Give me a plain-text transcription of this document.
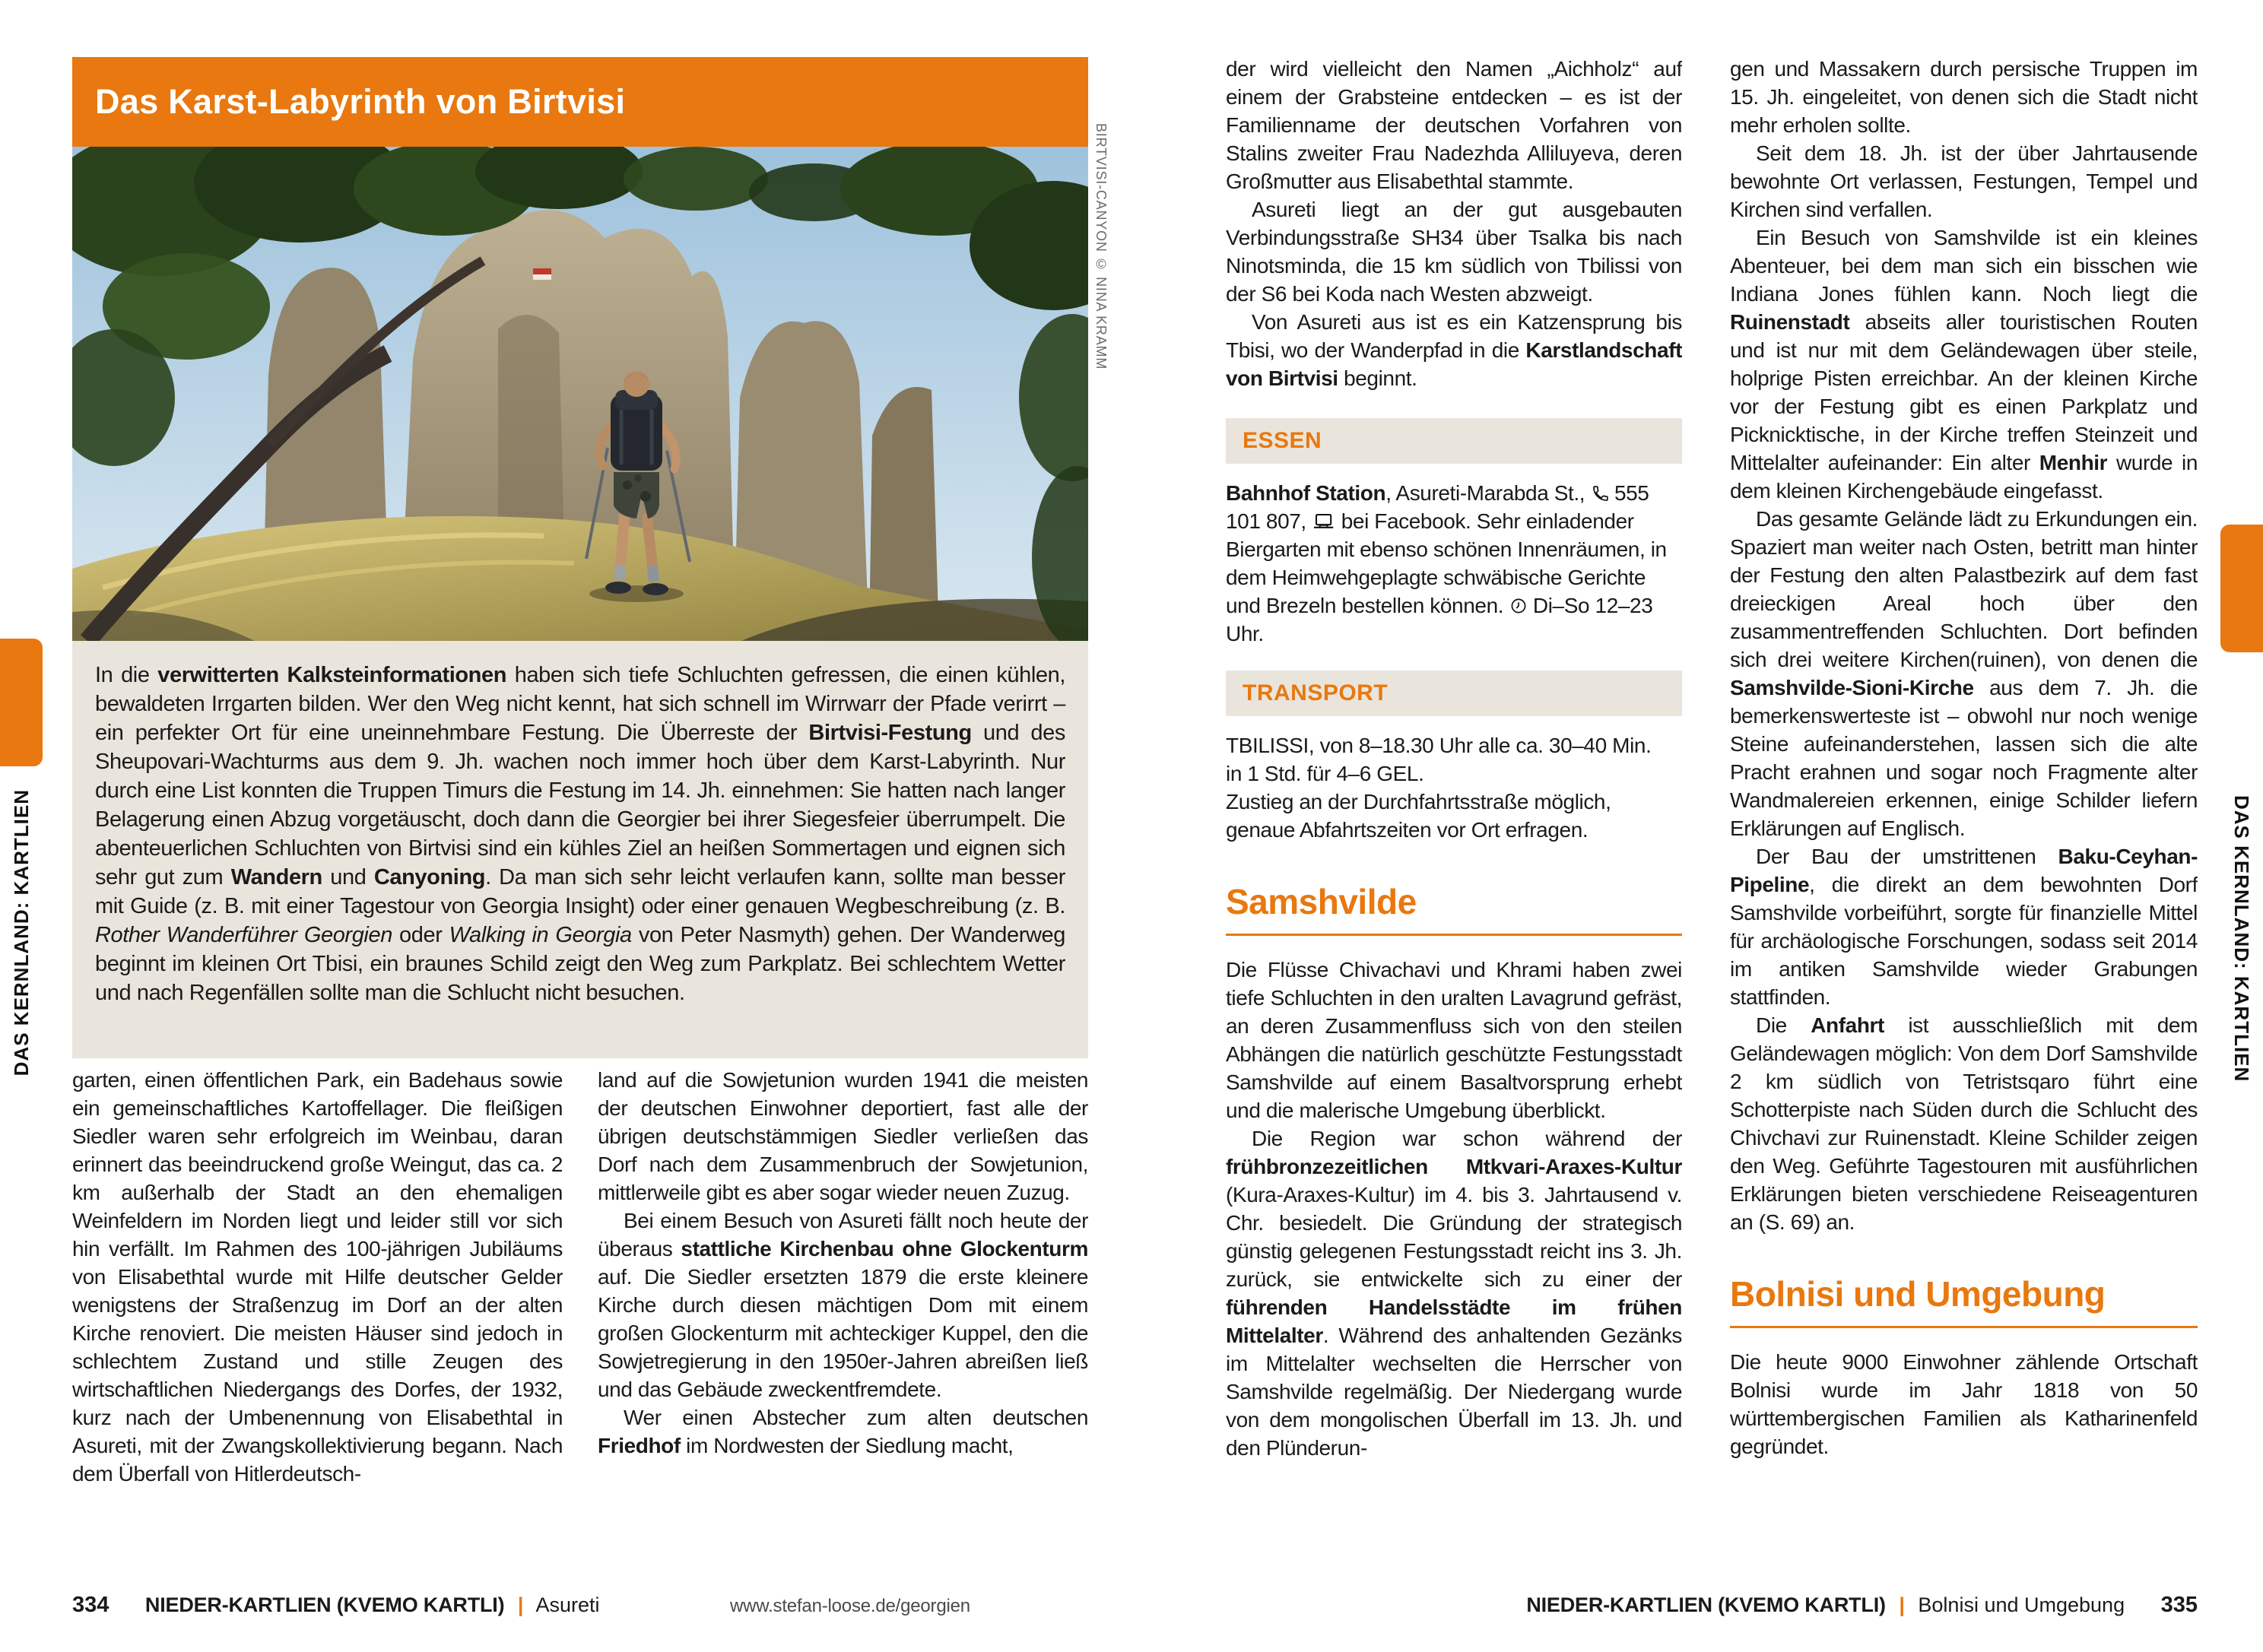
DAS KERNLAND: KARTLIEN	DAS KERNLAND: KARTLIEN
Das Karst-Labyrinth von Birtvisi
BIRTVISI-CANYON © NINA KRAMM
In die verwitterten Kalksteinformationen haben sich tiefe Schluchten gefressen, die einen kühlen, bewaldeten Irrgarten bilden. Wer den Weg nicht kennt, hat sich schnell im Wirrwarr der Pfade verirrt – ein perfekter Ort für eine uneinnehmbare Festung. Die Überreste der Birtvisi-Festung und des Sheupovari-Wachturms aus dem 9. Jh. wachen noch immer hoch über dem Karst-Labyrinth. Nur durch eine List konnten die Truppen Timurs die Festung im 14. Jh. einnehmen: Sie hatten nach langer Belagerung einen Abzug vorgetäuscht, doch dann die Georgier bei ihrer Siegesfeier überrumpelt. Die abenteuerlichen Schluchten von Birtvisi sind ein kühles Ziel an heißen Sommertagen und eignen sich sehr gut zum Wandern und Canyoning. Da man sich sehr leicht verlaufen kann, sollte man besser mit Guide (z. B. mit einer Tagestour von Georgia Insight) oder einer genauen Wegbeschreibung (z. B. Rother Wanderführer Georgien oder Walking in Georgia von Peter Nasmyth) gehen. Der Wanderweg beginnt im kleinen Ort Tbisi, ein braunes Schild zeigt den Weg zum Parkplatz. Bei schlechtem Wetter und nach Regenfällen sollte man die Schlucht nicht besuchen.

garten, einen öffentlichen Park, ein Badehaus sowie ein gemeinschaftliches Kartoffellager. Die fleißigen Siedler waren sehr erfolgreich im Weinbau, daran erinnert das beeindruckend große Weingut, das ca. 2 km außerhalb der Stadt an den ehemaligen Weinfeldern im Norden liegt und leider still vor sich hin verfällt. Im Rahmen des 100-jährigen Jubiläums von Elisabethtal wurde mit Hilfe deutscher Gelder wenigstens der Straßenzug im Dorf an der alten Kirche renoviert. Die meisten Häuser sind jedoch in schlechtem Zustand und stille Zeugen des wirtschaftlichen Niedergangs des Dorfes, der 1932, kurz nach der Umbenennung von Elisabethtal in Asureti, mit der Zwangskollektivierung begann. Nach dem Überfall von Hitlerdeutsch-

land auf die Sowjetunion wurden 1941 die meisten der deutschen Einwohner deportiert, fast alle der übrigen deutschstämmigen Siedler verließen das Dorf nach dem Zusammenbruch der Sowjetunion, mittlerweile gibt es aber sogar wieder neuen Zuzug.

Bei einem Besuch von Asureti fällt noch heute der überaus stattliche Kirchenbau ohne Glockenturm auf. Die Siedler ersetzten 1879 die erste kleinere Kirche durch diesen mächtigen Dom mit einem großen Glockenturm mit achteckiger Kuppel, den die Sowjetregierung in den 1950er-Jahren abreißen ließ und das Gebäude zweckentfremdete.

Wer einen Abstecher zum alten deutschen Friedhof im Nordwesten der Siedlung macht,

der wird vielleicht den Namen „Aichholz“ auf einem der Grabsteine entdecken – es ist der Familienname der deutschen Vorfahren von Stalins zweiter Frau Nadezhda Alliluyeva, deren Großmutter aus Elisabethtal stammte.

Asureti liegt an der gut ausgebauten Verbindungsstraße SH34 über Tsalka bis nach Ninotsminda, die 15 km südlich von Tbilissi von der S6 bei Koda nach Westen abzweigt.

Von Asureti aus ist es ein Katzensprung bis Tbisi, wo der Wanderpfad in die Karstlandschaft von Birtvisi beginnt.

ESSEN

Bahnhof Station, Asureti-Marabda St.,  555 101 807,  bei Facebook. Sehr einladender Biergarten mit ebenso schönen Innenräumen, in dem Heimwehgeplagte schwäbische Gerichte und Brezeln bestellen können.  Di–So 12–23 Uhr.

TRANSPORT

TBILISSI, von 8–18.30 Uhr alle ca. 30–40 Min.
in 1 Std. für 4–6 GEL.
Zustieg an der Durchfahrtsstraße möglich,
genaue Abfahrtszeiten vor Ort erfragen.

Samshvilde

Die Flüsse Chivachavi und Khrami haben zwei tiefe Schluchten in den uralten Lavagrund gefräst, an deren Zusammenfluss sich von den steilen Abhängen die natürlich geschützte Festungsstadt Samshvilde auf einem Basaltvorsprung erhebt und die malerische Umgebung überblickt.

Die Region war schon während der frühbronzezeitlichen Mtkvari-Araxes-Kultur (Kura-Araxes-Kultur) im 4. bis 3. Jahrtausend v. Chr. besiedelt. Die Gründung der strategisch günstig gelegenen Festungsstadt reicht ins 3. Jh. zurück, sie entwickelte sich zu einer der führenden Handelsstädte im frühen Mittelalter. Während des anhaltenden Gezänks im Mittelalter wechselten die Herrscher von Samshvilde regelmäßig. Der Niedergang wurde von dem mongolischen Überfall im 13. Jh. und den Plünderun-

gen und Massakern durch persische Truppen im 15. Jh. eingeleitet, von denen sich die Stadt nicht mehr erholen sollte.

Seit dem 18. Jh. ist der über Jahrtausende bewohnte Ort verlassen, Festungen, Tempel und Kirchen sind verfallen.

Ein Besuch von Samshvilde ist ein kleines Abenteuer, bei dem man sich ein bisschen wie Indiana Jones fühlen kann. Noch liegt die Ruinenstadt abseits aller touristischen Routen und ist nur mit dem Geländewagen über steile, holprige Pisten erreichbar. An der kleinen Kirche vor der Festung gibt es einen Parkplatz und Picknicktische, in der Kirche treffen Steinzeit und Mittelalter aufeinander: Ein alter Menhir wurde in dem kleinen Kirchengebäude eingefasst.

Das gesamte Gelände lädt zu Erkundungen ein. Spaziert man weiter nach Osten, betritt man hinter der Festung den alten Palastbezirk auf dem fast dreieckigen Areal hoch über den zusammentreffenden Schluchten. Dort befinden sich drei weitere Kirchen(ruinen), von denen die Samshvilde-Sioni-Kirche aus dem 7. Jh. die bemerkenswerteste ist – obwohl nur noch wenige Steine aufeinanderstehen, lassen sich die alte Pracht erahnen und sogar noch Fragmente alter Wandmalereien erkennen, einige Schilder liefern Erklärungen auf Englisch.

Der Bau der umstrittenen Baku-Ceyhan-Pipeline, die direkt an dem bewohnten Dorf Samshvilde vorbeiführt, sorgte für finanzielle Mittel für archäologische Forschungen, sodass seit 2014 im antiken Samshvilde wieder Grabungen stattfinden.

Die Anfahrt ist ausschließlich mit dem Geländewagen möglich: Von dem Dorf Samshvilde 2 km südlich von Tetristsqaro führt eine Schotterpiste nach Süden durch die Schlucht des Chivchavi zur Ruinenstadt. Kleine Schilder zeigen den Weg. Geführte Tagestouren mit ausführlichen Erklärungen bieten verschiedene Reiseagenturen an (S. 69) an.

Bolnisi und Umgebung

Die heute 9000 Einwohner zählende Ortschaft Bolnisi wurde im Jahr 1818 von 50 württembergischen Familien als Katharinenfeld gegründet.

334 NIEDER-KARTLIEN (KVEMO KARTLI) | Asureti	www.stefan-loose.de/georgien	NIEDER-KARTLIEN (KVEMO KARTLI) | Bolnisi und Umgebung 335
